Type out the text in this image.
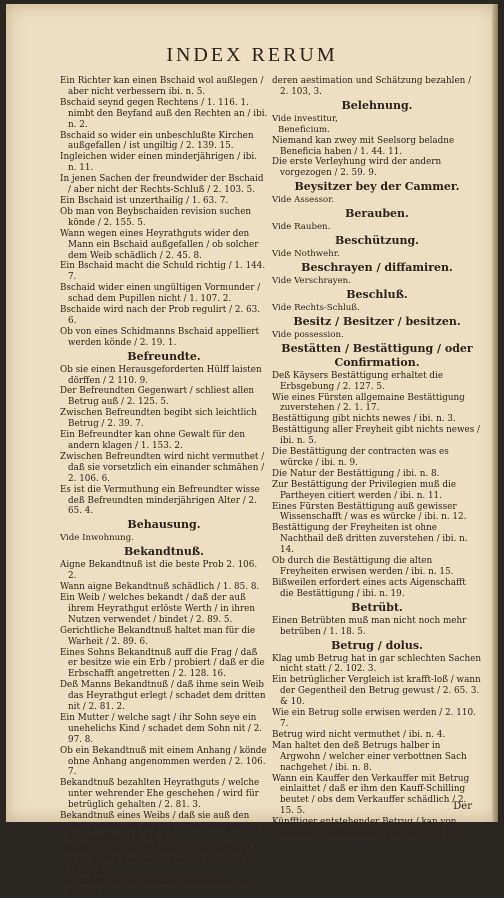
INDEX RERUM

Ein Richter kan einen Bschaid wol außlegen / aber nicht verbessern ibi. n. 5.

Bschaid seynd gegen Rechtens / 1. 116. 1. nimbt den Beyfand auß den Rechten an / ibi. n. 2.

Bschaid so wider ein unbeschlußte Kirchen außgefallen / ist ungiltig / 2. 139. 15.

Ingleichen wider einen minderjährigen / ibi. n. 11.

In jenen Sachen der freundwider der Bschaid / aber nicht der Rechts-Schluß / 2. 103. 5.

Ein Bschaid ist unzerthailig / 1. 63. 7.

Ob man von Beybschaiden revision suchen könde / 2. 155. 5.

Wann wegen eines Heyrathguts wider den Mann ein Bschaid außgefallen / ob solcher dem Weib schädlich / 2. 45. 8.

Ein Bschaid macht die Schuld richtig / 1. 144. 7.

Bschaid wider einen ungültigen Vormunder / schad dem Pupillen nicht / 1. 107. 2.

Bschaide wird nach der Prob regulirt / 2. 63. 6.

Ob von eines Schidmanns Bschaid appelliert werden könde / 2. 19. 1.

Befreundte.

Ob sie einen Herausgeforderten Hülff laisten dörffen / 2 110. 9.

Der Befreundten Gegenwart / schliest allen Betrug auß / 2. 125. 5.

Zwischen Befreundten begibt sich leichtlich Betrug / 2. 39. 7.

Ein Befreundter kan ohne Gewalt für den andern klagen / 1. 153. 2.

Zwischen Befreundten wird nicht vermuthet / daß sie vorsetzlich ein einander schmähen / 2. 106. 6.

Es ist die Vermuthung ein Befreundter wisse deß Befreundten minderjährigen Alter / 2. 65. 4.

Behausung.

Vide Inwohnung.

Bekandtnuß.

Aigne Bekandtnuß ist die beste Prob 2. 106. 2.

Wann aigne Bekandtnuß schädlich / 1. 85. 8.

Ein Weib / welches bekandt / daß der auß ihrem Heyrathgut erlöste Werth / in ihren Nutzen verwendet / bindet / 2. 89. 5.

Gerichtliche Bekandtnuß haltet man für die Warheit / 2. 89. 6.

Eines Sohns Bekandtnuß auff die Frag / daß er besitze wie ein Erb / probiert / daß er die Erbschafft angetretten / 2. 128. 16.

Deß Manns Bekandtnuß / daß ihme sein Weib das Heyrathgut erlegt / schadet dem dritten nit / 2. 81. 2.

Ein Mutter / welche sagt / ihr Sohn seye ein unehelichs Kind / schadet dem Sohn nit / 2. 97. 8.

Ob ein Bekandtnuß mit einem Anhang / könde ohne Anhang angenommen werden / 2. 106. 7.

Bekandtnuß bezahlten Heyrathguts / welche unter wehrender Ehe geschehen / wird für betrüglich gehalten / 2. 81. 3.

Bekandtnuß eines Weibs / daß sie auß den Heyrathstucken den Werth empfangen / obs ihr schädlich / 2. 89. 3.

Welcher über ein Verbrechen sich vertragt / wird darfür gehalten / daß ers bekenne / 2. 101. 15.

Ein anders ist die Schmach bekennen / ein anders

deren aestimation und Schätzung bezahlen / 2. 103, 3.

Belehnung.

Vide investitur,

Beneficium.

Niemand kan zwey mit Seelsorg beladne Beneficia haben / 1. 44. 11.

Die erste Verleyhung wird der andern vorgezogen / 2. 59. 9.

Beysitzer bey der Cammer.

Vide Assessor.

Berauben.

Vide Rauben.

Beschützung.

Vide Nothwehr.

Beschrayen / diffamiren.

Vide Verschrayen.

Beschluß.

Vide Rechts-Schluß.

Besitz / Besitzer / besitzen.

Vide possession.

Bestätten / Bestättigung / oder Confirmation.

Deß Käysers Bestättigung erhaltet die Erbsgebung / 2. 127. 5.

Wie eines Fürsten allgemaine Bestättigung zuverstehen / 2. 1. 17.

Bestättigung gibt nichts newes / ibi. n. 3.

Bestättigung aller Freyheit gibt nichts newes / ibi. n. 5.

Die Bestättigung der contracten was es würcke / ibi. n. 9.

Die Natur der Bestättigung / ibi. n. 8.

Zur Bestättigung der Privilegien muß die Partheyen citiert werden / ibi. n. 11.

Eines Fürsten Bestättigung auß gewisser Wissenschafft / was es würcke / ibi. n. 12.

Bestättigung der Freyheiten ist ohne Nachthail deß dritten zuverstehen / ibi. n. 14.

Ob durch die Bestättigung die alten Freyheiten erwisen werden / ibi. n. 15.

Bißweilen erfordert eines acts Aigenschafft die Bestättigung / ibi. n. 19.

Betrübt.

Einen Betrübten muß man nicht noch mehr betrüben / 1. 18. 5.

Betrug / dolus.

Klag umb Betrug hat in gar schlechten Sachen nicht statt / 2. 102. 3.

Ein betrüglicher Vergleich ist krafft-loß / wann der Gegentheil den Betrug gewust / 2. 65. 3. & 10.

Wie ein Betrug solle erwisen werden / 2. 110. 7.

Betrug wird nicht vermuthet / ibi. n. 4.

Man haltet den deß Betrugs halber in Argwohn / welcher einer verbottnen Sach nachgehet / ibi. n. 8.

Wann ein Kauffer den Verkauffer mit Betrug einlaittet / daß er ihm den Kauff-Schilling beutet / obs dem Verkauffer schädlich / 2. 15. 5.

Künfftiger entstehender Betrug / kan von niemand nachgelassen werden / 2. 145. 3.

Der
